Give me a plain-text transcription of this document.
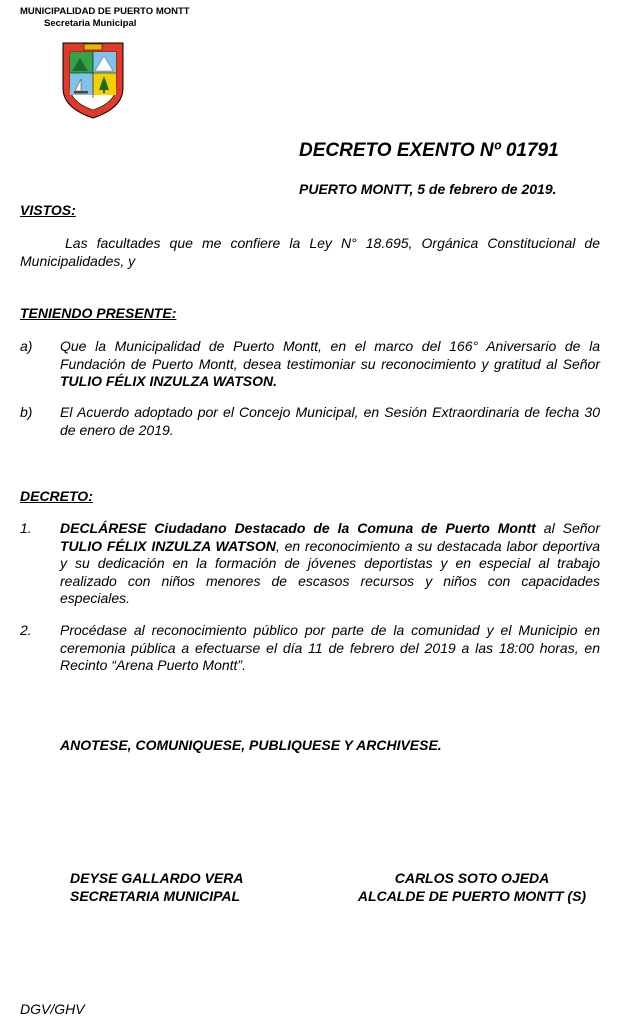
MUNICIPALIDAD DE PUERTO MONTT
Secretaria Municipal
DECRETO EXENTO Nº 01791
PUERTO MONTT, 5 de febrero de 2019.
VISTOS:
Las facultades que me confiere la Ley N° 18.695, Orgánica Constitucional de Municipalidades, y
TENIENDO PRESENTE:
a) Que la Municipalidad de Puerto Montt, en el marco del 166° Aniversario de la Fundación de Puerto Montt, desea testimoniar su reconocimiento y gratitud al Señor TULIO FÉLIX INZULZA WATSON.
b) El Acuerdo adoptado por el Concejo Municipal, en Sesión Extraordinaria de fecha 30 de enero de 2019.
DECRETO:
1. DECLÁRESE Ciudadano Destacado de la Comuna de Puerto Montt al Señor TULIO FÉLIX INZULZA WATSON, en reconocimiento a su destacada labor deportiva y su dedicación en la formación de jóvenes deportistas y en especial al trabajo realizado con niños menores de escasos recursos y niños con capacidades especiales.
2. Procédase al reconocimiento público por parte de la comunidad y el Municipio en ceremonia pública a efectuarse el día 11 de febrero del 2019 a las 18:00 horas, en Recinto “Arena Puerto Montt”.
ANOTESE, COMUNIQUESE, PUBLIQUESE Y ARCHIVESE.
DEYSE GALLARDO VERA
SECRETARIA MUNICIPAL
CARLOS SOTO OJEDA
ALCALDE DE PUERTO MONTT (S)
DGV/GHV
